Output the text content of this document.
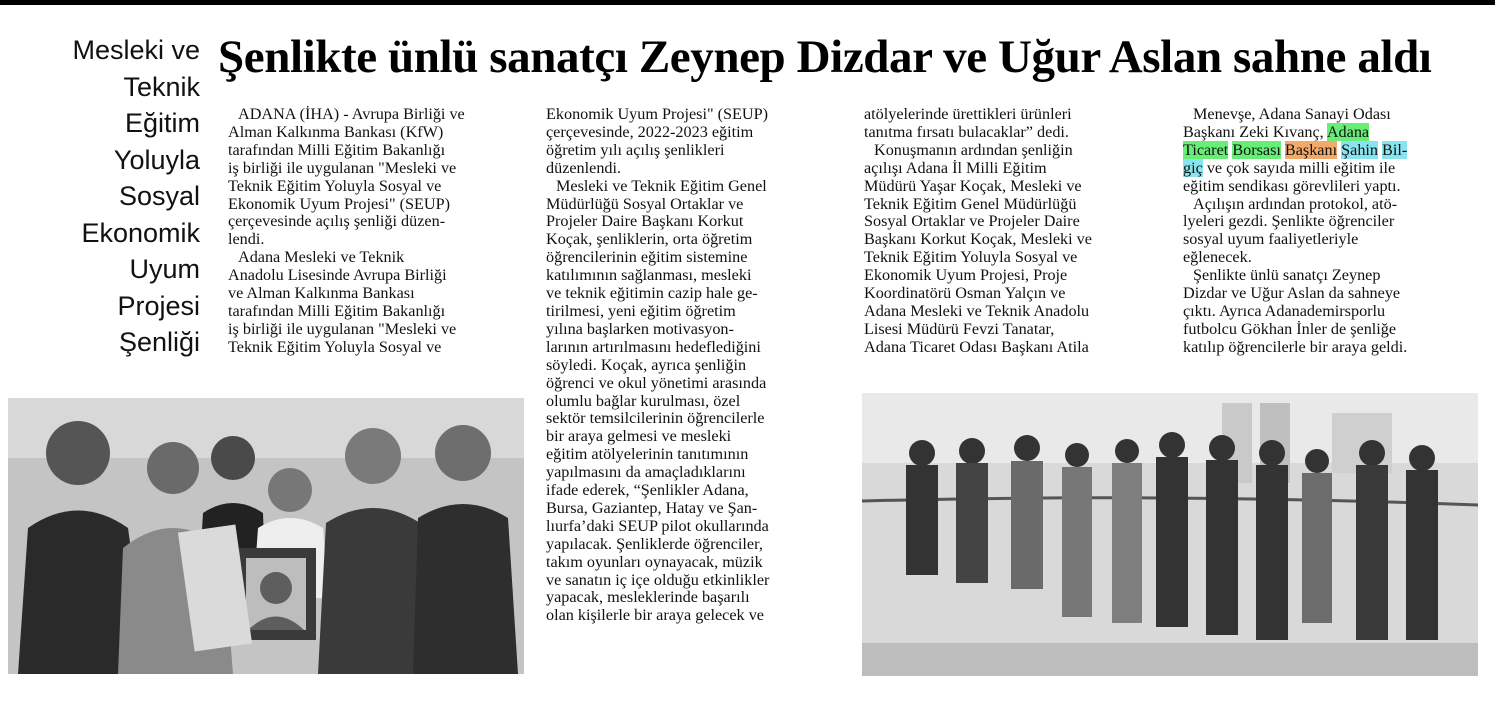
Mesleki ve
Teknik
Eğitim
Yoluyla
Sosyal
Ekonomik
Uyum
Projesi
Şenliği
Şenlikte ünlü sanatçı Zeynep Dizdar ve Uğur Aslan sahne aldı

ADANA (İHA) - Avrupa Birliği ve
Alman Kalkınma Bankası (KfW)
tarafından Milli Eğitim Bakanlığı
iş birliği ile uygulanan "Mesleki ve
Teknik Eğitim Yoluyla Sosyal ve
Ekonomik Uyum Projesi" (SEUP)
çerçevesinde açılış şenliği düzen-
lendi.

Adana Mesleki ve Teknik
Anadolu Lisesinde Avrupa Birliği
ve Alman Kalkınma Bankası
tarafından Milli Eğitim Bakanlığı
iş birliği ile uygulanan "Mesleki ve
Teknik Eğitim Yoluyla Sosyal ve

Ekonomik Uyum Projesi" (SEUP)
çerçevesinde, 2022-2023 eğitim
öğretim yılı açılış şenlikleri
düzenlendi.

Mesleki ve Teknik Eğitim Genel
Müdürlüğü Sosyal Ortaklar ve
Projeler Daire Başkanı Korkut
Koçak, şenliklerin, orta öğretim
öğrencilerinin eğitim sistemine
katılımının sağlanması, mesleki
ve teknik eğitimin cazip hale ge-
tirilmesi, yeni eğitim öğretim
yılına başlarken motivasyon-
larının artırılmasını hedeflediğini
söyledi. Koçak, ayrıca şenliğin
öğrenci ve okul yönetimi arasında
olumlu bağlar kurulması, özel
sektör temsilcilerinin öğrencilerle
bir araya gelmesi ve mesleki
eğitim atölyelerinin tanıtımının
yapılmasını da amaçladıklarını
ifade ederek, “Şenlikler Adana,
Bursa, Gaziantep, Hatay ve Şan-
lıurfa’daki SEUP pilot okullarında
yapılacak. Şenliklerde öğrenciler,
takım oyunları oynayacak, müzik
ve sanatın iç içe olduğu etkinlikler
yapacak, mesleklerinde başarılı
olan kişilerle bir araya gelecek ve

atölyelerinde ürettikleri ürünleri
tanıtma fırsatı bulacaklar” dedi.

Konuşmanın ardından şenliğin
açılışı Adana İl Milli Eğitim
Müdürü Yaşar Koçak, Mesleki ve
Teknik Eğitim Genel Müdürlüğü
Sosyal Ortaklar ve Projeler Daire
Başkanı Korkut Koçak, Mesleki ve
Teknik Eğitim Yoluyla Sosyal ve
Ekonomik Uyum Projesi, Proje
Koordinatörü Osman Yalçın ve
Adana Mesleki ve Teknik Anadolu
Lisesi Müdürü Fevzi Tanatar,
Adana Ticaret Odası Başkanı Atila

Menevşe, Adana Sanayi Odası
Başkanı Zeki Kıvanç, Adana
Ticaret Borsası Başkanı Şahin Bil-
giç ve çok sayıda milli eğitim ile
eğitim sendikası görevlileri yaptı.

Açılışın ardından protokol, atö-
lyeleri gezdi. Şenlikte öğrenciler
sosyal uyum faaliyetleriyle
eğlenecek.

Şenlikte ünlü sanatçı Zeynep
Dizdar ve Uğur Aslan da sahneye
çıktı. Ayrıca Adanademirsporlu
futbolcu Gökhan İnler de şenliğe
katılıp öğrencilerle bir araya geldi.
